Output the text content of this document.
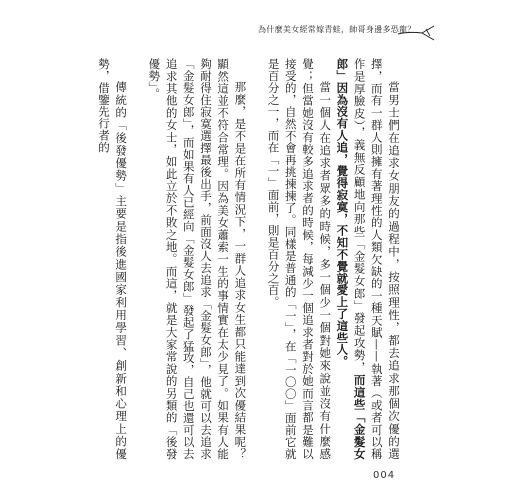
為什麼美女經常嫁青蛙，帥哥身邊多恐龍？

當男士們在追求女朋友的過程中，按照理性，都去追求那個次優的選擇，而有一群人則擁有著理性的人類欠缺的一種天賦——執著（或者可以稱作是厚臉皮），義無反顧地向那些「金髮女郎」發起攻勢，而這些「金髮女郎」因為沒有人追，覺得寂寞，不知不覺就愛上了這些人。

當一個人在追求者眾多的時候，多一個少一個對她來說並沒有什麼感覺；但當她沒有較多追求者的時候，每減少一個追求者對於她而言都是難以接受的，自然不會再挑揀揀了。同樣是普通的「一」，在「一〇〇」面前它就是百分之一，而在「一」面前，則是百分之百。

那麼，是不是在所有情況下，一群人追求女生都只能達到次優結果呢？顯然這並不符合常理。因為美女蕭索一生的事情實在太少見了。如果有人能夠耐得住寂寞選擇最後出手，前面沒人去追求「金髮女郎」，他就可以去追求「金髮女郎」，而如果有人已經向「金髮女郎」發起了猛攻，自己也還可以去追求其他的女士，如此立於不敗之地。而這，就是大家常說的另類的「後發優勢」。

傳統的「後發優勢」主要是指後進國家利用學習、創新和心理上的優勢，借鑒先行者的

004
